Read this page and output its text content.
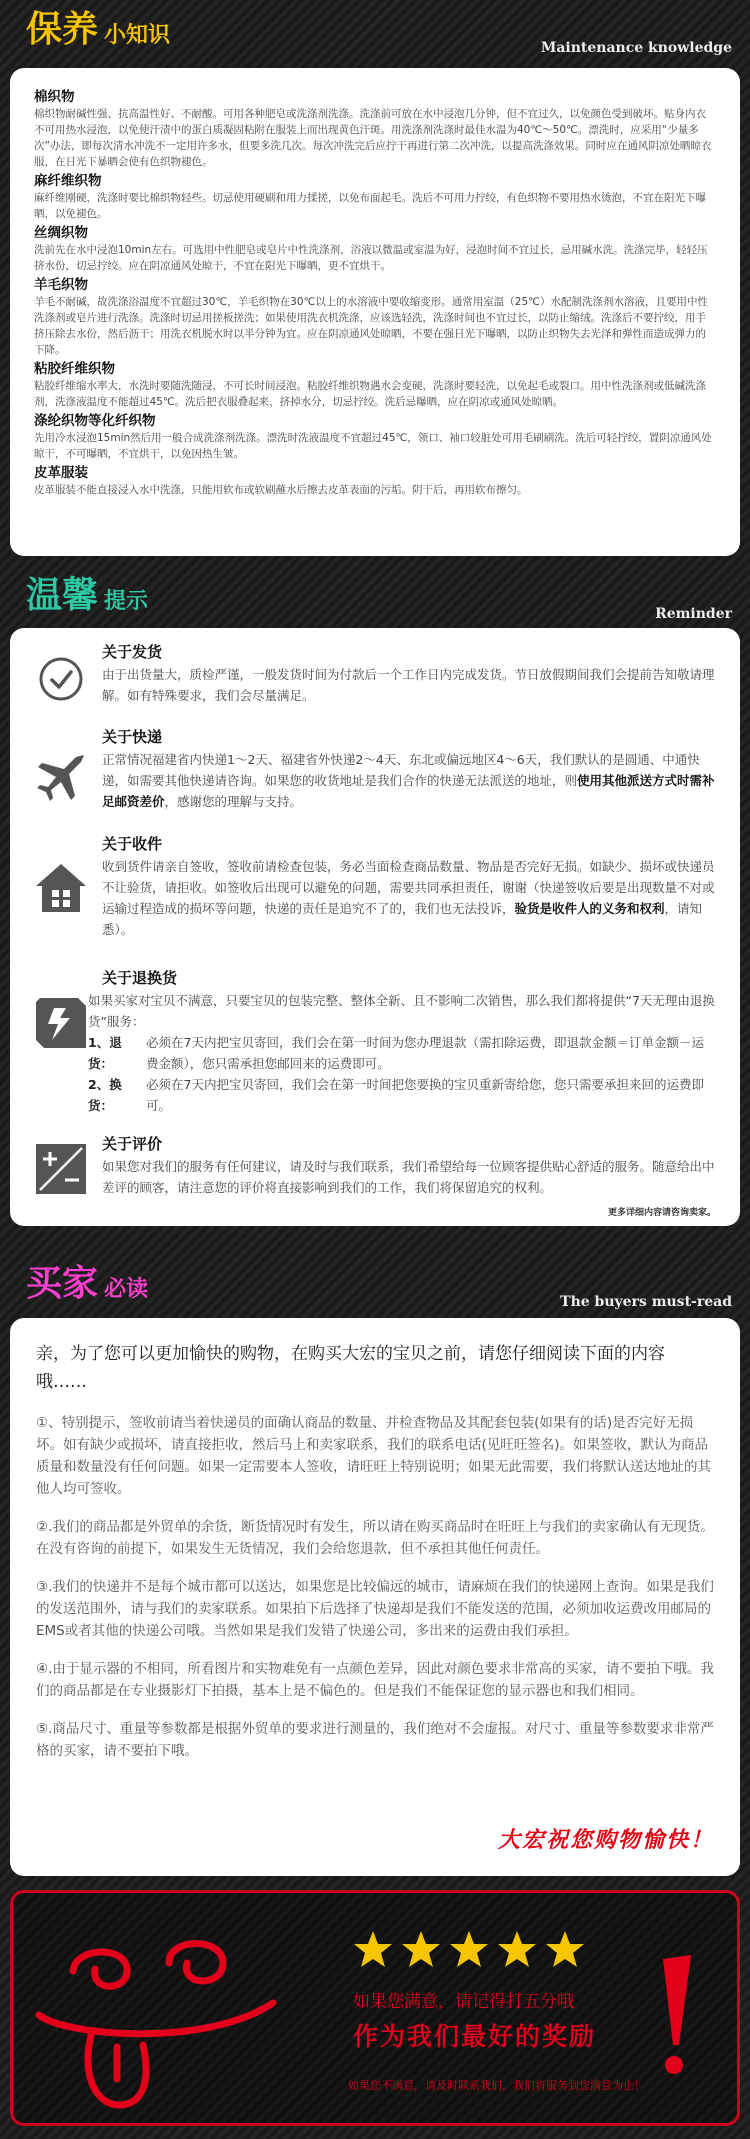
保养 小知识	Maintenance knowledge
棉织物

棉织物耐碱性强、抗高温性好、不耐酸。可用各种肥皂或洗涤剂洗涤。洗涤前可放在水中浸泡几分钟，但不宜过久，以免颜色受到破坏。贴身内衣不可用热水浸泡，以免使汗渍中的蛋白质凝固粘附在服装上而出现黄色汗斑。用洗涤剂洗涤时最佳水温为40℃～50℃。漂洗时，应采用“少量多次”办法，即每次清水冲洗不一定用许多水，但要多洗几次。每次冲洗完后应拧干再进行第二次冲洗，以提高洗涤效果。同时应在通风阴凉处晒晾衣服，在日光下暴晒会使有色织物褪色。

麻纤维织物

麻纤维刚硬，洗涤时要比棉织物轻些。切忌使用硬刷和用力揉搓，以免布面起毛。洗后不可用力拧绞，有色织物不要用热水烫泡，不宜在阳光下曝晒，以免褪色。

丝绸织物

洗前先在水中浸泡10min左右。可选用中性肥皂或皂片中性洗涤剂，浴液以微温或室温为好，浸泡时间不宜过长，忌用碱水洗。洗涤完毕，轻轻压挤水份，切忌拧绞。应在阴凉通风处晾干，不宜在阳光下曝晒，更不宜烘干。

羊毛织物

羊毛不耐碱，故洗涤浴温度不宜超过30℃，羊毛织物在30℃以上的水溶液中要收缩变形。通常用室温（25℃）水配制洗涤剂水溶液，且要用中性洗涤剂或皂片进行洗涤。洗涤时切忌用搓板搓洗；如果使用洗衣机洗涤，应该选轻洗，洗涤时间也不宜过长，以防止缩绒。洗涤后不要拧绞，用手挤压除去水份，然后沥干；用洗衣机脱水时以半分钟为宜。应在阴凉通风处晾晒，不要在强日光下曝晒，以防止织物失去光泽和弹性而造成弹力的下降。

粘胶纤维织物

粘胶纤维缩水率大，水洗时要随洗随浸，不可长时间浸泡。粘胶纤维织物遇水会变硬，洗涤时要轻洗，以免起毛或裂口。用中性洗涤剂或低碱洗涤剂，洗涤液温度不能超过45℃。洗后把衣服叠起来，挤掉水分，切忌拧绞。洗后忌曝晒，应在阴凉或通风处晾晒。

涤纶织物等化纤织物

先用冷水浸泡15min然后用一般合成洗涤剂洗涤。漂洗时洗液温度不宜超过45℃，领口、袖口较脏处可用毛刷刷洗。洗后可轻拧绞，置阴凉通风处晾干，不可曝晒，不宜烘干，以免因热生皱。

皮革服装

皮革服装不能直接浸入水中洗涤，只能用软布或软刷蘸水后擦去皮革表面的污垢。阴干后，再用软布擦匀。

温馨 提示	Reminder
关于发货
由于出货量大，质检严谨，一般发货时间为付款后一个工作日内完成发货。节日放假期间我们会提前告知敬请理解。如有特殊要求，我们会尽量满足。
关于快递
正常情况福建省内快递1～2天、福建省外快递2～4天、东北或偏远地区4～6天，我们默认的是圆通、中通快递，如需要其他快递请咨询。如果您的收货地址是我们合作的快递无法派送的地址，则使用其他派送方式时需补足邮资差价，感谢您的理解与支持。
关于收件
收到货件请亲自签收，签收前请检查包装，务必当面检查商品数量、物品是否完好无损。如缺少、损坏或快递员不让验货，请拒收。如签收后出现可以避免的问题，需要共同承担责任，谢谢（快递签收后要是出现数量不对或运输过程造成的损坏等问题，快递的责任是追究不了的，我们也无法投诉，验货是收件人的义务和权利，请知悉）。
关于退换货
如果买家对宝贝不满意，只要宝贝的包装完整、整体全新、且不影响二次销售，那么我们都将提供“7天无理由退换货”服务：
1、退货：
必须在7天内把宝贝寄回，我们会在第一时间为您办理退款（需扣除运费，即退款金额＝订单金额－运费金额），您只需承担您邮回来的运费即可。
2、换货：
必须在7天内把宝贝寄回，我们会在第一时间把您要换的宝贝重新寄给您，您只需要承担来回的运费即可。
关于评价
如果您对我们的服务有任何建议，请及时与我们联系，我们希望给每一位顾客提供贴心舒适的服务。随意给出中差评的顾客，请注意您的评价将直接影响到我们的工作，我们将保留追究的权利。
更多详细内容请咨询卖家。
买家 必读	The buyers must-read
亲，为了您可以更加愉快的购物，在购买大宏的宝贝之前，请您仔细阅读下面的内容哦……
①、特别提示，签收前请当着快递员的面确认商品的数量、并检查物品及其配套包装(如果有的话)是否完好无损坏。如有缺少或损坏，请直接拒收，然后马上和卖家联系，我们的联系电话(见旺旺签名)。如果签收，默认为商品质量和数量没有任何问题。如果一定需要本人签收，请旺旺上特别说明；如果无此需要，我们将默认送达地址的其他人均可签收。
②.我们的商品都是外贸单的余货，断货情况时有发生，所以请在购买商品时在旺旺上与我们的卖家确认有无现货。在没有咨询的前提下，如果发生无货情况，我们会给您退款，但不承担其他任何责任。
③.我们的快递并不是每个城市都可以送达，如果您是比较偏远的城市，请麻烦在我们的快递网上查询。如果是我们的发送范围外，请与我们的卖家联系。如果拍下后选择了快递却是我们不能发送的范围，必须加收运费改用邮局的EMS或者其他的快递公司哦。当然如果是我们发错了快递公司，多出来的运费由我们承担。
④.由于显示器的不相同，所看图片和实物难免有一点颜色差异，因此对颜色要求非常高的买家，请不要拍下哦。我们的商品都是在专业摄影灯下拍摄，基本上是不偏色的。但是我们不能保证您的显示器也和我们相同。
⑤.商品尺寸、重量等参数都是根据外贸单的要求进行测量的，我们绝对不会虚报。对尺寸、重量等参数要求非常严格的买家，请不要拍下哦。
大宏祝您购物愉快！
如果您满意，请记得打五分哦
作为我们最好的奖励
如果您不满意，请及时联系我们，我们将服务到您满意为止！
